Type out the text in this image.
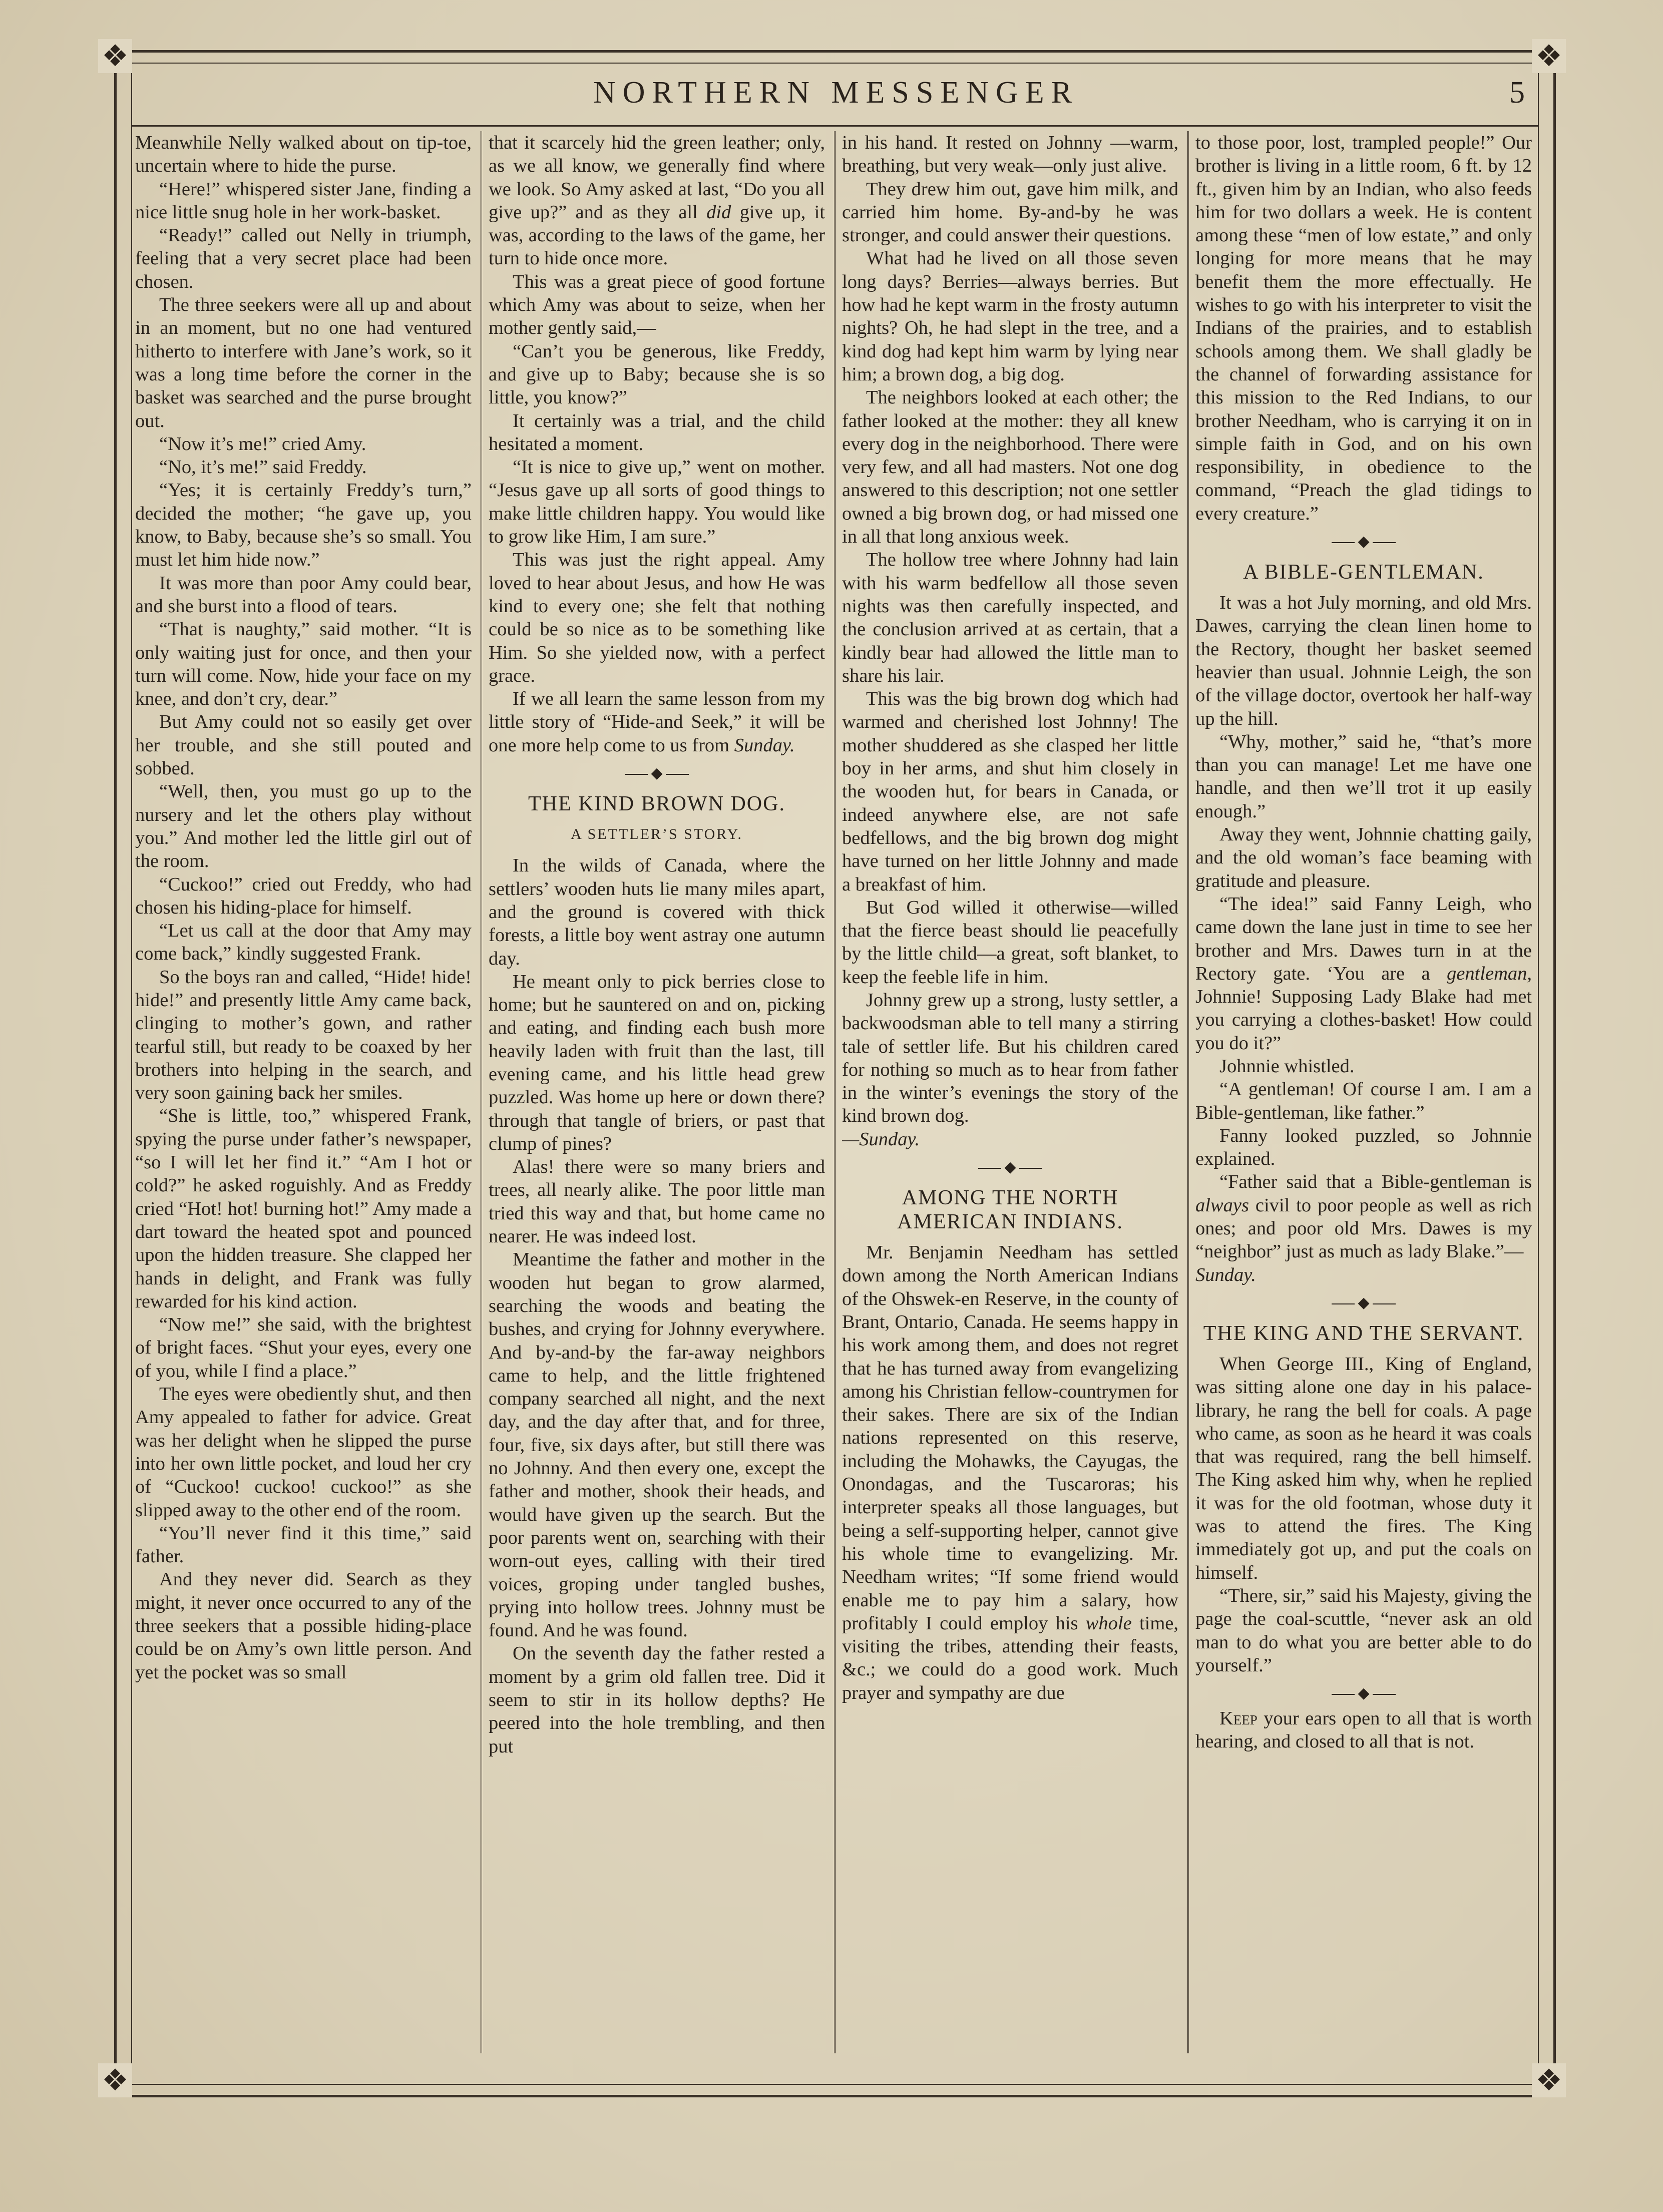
❖	❖
❖	❖
NORTHERN MESSENGER	5

Meanwhile Nelly walked about on tip-toe, uncertain where to hide the purse.

“Here!” whispered sister Jane, finding a nice little snug hole in her work-basket.

“Ready!” called out Nelly in triumph, feeling that a very secret place had been chosen.

The three seekers were all up and about in an moment, but no one had ventured hitherto to interfere with Jane’s work, so it was a long time before the corner in the basket was searched and the purse brought out.

“Now it’s me!” cried Amy.

“No, it’s me!” said Freddy.

“Yes; it is certainly Freddy’s turn,” decided the mother; “he gave up, you know, to Baby, because she’s so small. You must let him hide now.”

It was more than poor Amy could bear, and she burst into a flood of tears.

“That is naughty,” said mother. “It is only waiting just for once, and then your turn will come. Now, hide your face on my knee, and don’t cry, dear.”

But Amy could not so easily get over her trouble, and she still pouted and sobbed.

“Well, then, you must go up to the nursery and let the others play without you.” And mother led the little girl out of the room.

“Cuckoo!” cried out Freddy, who had chosen his hiding-place for himself.

“Let us call at the door that Amy may come back,” kindly suggested Frank.

So the boys ran and called, “Hide! hide! hide!” and presently little Amy came back, clinging to mother’s gown, and rather tearful still, but ready to be coaxed by her brothers into helping in the search, and very soon gaining back her smiles.

“She is little, too,” whispered Frank, spying the purse under father’s newspaper, “so I will let her find it.” “Am I hot or cold?” he asked roguishly. And as Freddy cried “Hot! hot! burning hot!” Amy made a dart toward the heated spot and pounced upon the hidden treasure. She clapped her hands in delight, and Frank was fully rewarded for his kind action.

“Now me!” she said, with the brightest of bright faces. “Shut your eyes, every one of you, while I find a place.”

The eyes were obediently shut, and then Amy appealed to father for advice. Great was her delight when he slipped the purse into her own little pocket, and loud her cry of “Cuckoo! cuckoo! cuckoo!” as she slipped away to the other end of the room.

“You’ll never find it this time,” said father.

And they never did. Search as they might, it never once occurred to any of the three seekers that a possible hiding-place could be on Amy’s own little person. And yet the pocket was so small

that it scarcely hid the green leather; only, as we all know, we generally find where we look. So Amy asked at last, “Do you all give up?” and as they all did give up, it was, according to the laws of the game, her turn to hide once more.

This was a great piece of good fortune which Amy was about to seize, when her mother gently said,—

“Can’t you be generous, like Freddy, and give up to Baby; because she is so little, you know?”

It certainly was a trial, and the child hesitated a moment.

“It is nice to give up,” went on mother. “Jesus gave up all sorts of good things to make little children happy. You would like to grow like Him, I am sure.”

This was just the right appeal. Amy loved to hear about Jesus, and how He was kind to every one; she felt that nothing could be so nice as to be something like Him. So she yielded now, with a perfect grace.

If we all learn the same lesson from my little story of “Hide-and Seek,” it will be one more help come to us from Sunday.

◆
THE KIND BROWN DOG.
A SETTLER’S STORY.

In the wilds of Canada, where the settlers’ wooden huts lie many miles apart, and the ground is covered with thick forests, a little boy went astray one autumn day.

He meant only to pick berries close to home; but he sauntered on and on, picking and eating, and finding each bush more heavily laden with fruit than the last, till evening came, and his little head grew puzzled. Was home up here or down there? through that tangle of briers, or past that clump of pines?

Alas! there were so many briers and trees, all nearly alike. The poor little man tried this way and that, but home came no nearer. He was indeed lost.

Meantime the father and mother in the wooden hut began to grow alarmed, searching the woods and beating the bushes, and crying for Johnny everywhere. And by-and-by the far-away neighbors came to help, and the little frightened company searched all night, and the next day, and the day after that, and for three, four, five, six days after, but still there was no Johnny. And then every one, except the father and mother, shook their heads, and would have given up the search. But the poor parents went on, searching with their worn-out eyes, calling with their tired voices, groping under tangled bushes, prying into hollow trees. Johnny must be found. And he was found.

On the seventh day the father rested a moment by a grim old fallen tree. Did it seem to stir in its hollow depths? He peered into the hole trembling, and then put

in his hand. It rested on Johnny —warm, breathing, but very weak—only just alive.

They drew him out, gave him milk, and carried him home. By-and-by he was stronger, and could answer their questions.

What had he lived on all those seven long days? Berries—always berries. But how had he kept warm in the frosty autumn nights? Oh, he had slept in the tree, and a kind dog had kept him warm by lying near him; a brown dog, a big dog.

The neighbors looked at each other; the father looked at the mother: they all knew every dog in the neighborhood. There were very few, and all had masters. Not one dog answered to this description; not one settler owned a big brown dog, or had missed one in all that long anxious week.

The hollow tree where Johnny had lain with his warm bedfellow all those seven nights was then carefully inspected, and the conclusion arrived at as certain, that a kindly bear had allowed the little man to share his lair.

This was the big brown dog which had warmed and cherished lost Johnny! The mother shuddered as she clasped her little boy in her arms, and shut him closely in the wooden hut, for bears in Canada, or indeed anywhere else, are not safe bedfellows, and the big brown dog might have turned on her little Johnny and made a breakfast of him.

But God willed it otherwise—willed that the fierce beast should lie peacefully by the little child—a great, soft blanket, to keep the feeble life in him.

Johnny grew up a strong, lusty settler, a backwoodsman able to tell many a stirring tale of settler life. But his children cared for nothing so much as to hear from father in the winter’s evenings the story of the kind brown dog.
—Sunday.

◆
AMONG THE NORTH AMERICAN INDIANS.

Mr. Benjamin Needham has settled down among the North American Indians of the Ohswek-en Reserve, in the county of Brant, Ontario, Canada. He seems happy in his work among them, and does not regret that he has turned away from evangelizing among his Christian fellow-countrymen for their sakes. There are six of the Indian nations represented on this reserve, including the Mohawks, the Cayugas, the Onondagas, and the Tuscaroras; his interpreter speaks all those languages, but being a self-supporting helper, cannot give his whole time to evangelizing. Mr. Needham writes; “If some friend would enable me to pay him a salary, how profitably I could employ his whole time, visiting the tribes, attending their feasts, &c.; we could do a good work. Much prayer and sympathy are due

to those poor, lost, trampled people!” Our brother is living in a little room, 6 ft. by 12 ft., given him by an Indian, who also feeds him for two dollars a week. He is content among these “men of low estate,” and only longing for more means that he may benefit them the more effectually. He wishes to go with his interpreter to visit the Indians of the prairies, and to establish schools among them. We shall gladly be the channel of forwarding assistance for this mission to the Red Indians, to our brother Needham, who is carrying it on in simple faith in God, and on his own responsibility, in obedience to the command, “Preach the glad tidings to every creature.”

◆
A BIBLE-GENTLEMAN.

It was a hot July morning, and old Mrs. Dawes, carrying the clean linen home to the Rectory, thought her basket seemed heavier than usual. Johnnie Leigh, the son of the village doctor, overtook her half-way up the hill.

“Why, mother,” said he, “that’s more than you can manage! Let me have one handle, and then we’ll trot it up easily enough.”

Away they went, Johnnie chatting gaily, and the old woman’s face beaming with gratitude and pleasure.

“The idea!” said Fanny Leigh, who came down the lane just in time to see her brother and Mrs. Dawes turn in at the Rectory gate. ‘You are a gentleman, Johnnie! Supposing Lady Blake had met you carrying a clothes-basket! How could you do it?”

Johnnie whistled.

“A gentleman! Of course I am. I am a Bible-gentleman, like father.”

Fanny looked puzzled, so Johnnie explained.

“Father said that a Bible-gentleman is always civil to poor people as well as rich ones; and poor old Mrs. Dawes is my “neighbor” just as much as lady Blake.”—
Sunday.

◆
THE KING AND THE SERVANT.

When George III., King of England, was sitting alone one day in his palace-library, he rang the bell for coals. A page who came, as soon as he heard it was coals that was required, rang the bell himself. The King asked him why, when he replied it was for the old footman, whose duty it was to attend the fires. The King immediately got up, and put the coals on himself.

“There, sir,” said his Majesty, giving the page the coal-scuttle, “never ask an old man to do what you are better able to do yourself.”

◆

Keep your ears open to all that is worth hearing, and closed to all that is not.
